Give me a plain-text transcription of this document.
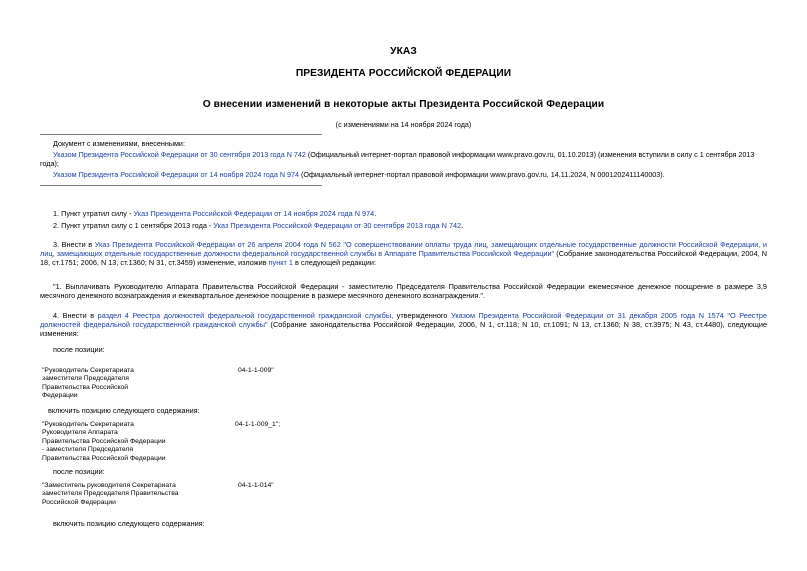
УКАЗ
ПРЕЗИДЕНТА РОССИЙСКОЙ ФЕДЕРАЦИИ
О внесении изменений в некоторые акты Президента Российской Федерации
(с изменениями на 14 ноября 2024 года)
Документ с изменениями, внесенными:
Указом Президента Российской Федерации от 30 сентября 2013 года N 742 (Официальный интернет-портал правовой информации www.pravo.gov.ru, 01.10.2013) (изменения вступили в силу с 1 сентября 2013 года);
Указом Президента Российской Федерации от 14 ноября 2024 года N 974 (Официальный интернет-портал правовой информации www.pravo.gov.ru, 14.11.2024, N 0001202411140003).
1. Пункт утратил силу - Указ Президента Российской Федерации от 14 ноября 2024 года N 974.
2. Пункт утратил силу с 1 сентября 2013 года - Указ Президента Российской Федерации от 30 сентября 2013 года N 742.
3. Внести в Указ Президента Российской Федерации от 26 апреля 2004 года N 562 "О совершенствовании оплаты труда лиц, замещающих отдельные государственные должности Российской Федерации, и лиц, замещающих отдельные государственные должности федеральной государственной службы в Аппарате Правительства Российской Федерации" (Собрание законодательства Российской Федерации, 2004, N 18, ст.1751; 2006, N 13, ст.1360; N 31, ст.3459) изменение, изложив пункт 1 в следующей редакции:
"1. Выплачивать Руководителю Аппарата Правительства Российской Федерации - заместителю Председателя Правительства Российской Федерации ежемесячное денежное поощрение в размере 3,9 месячного денежного вознаграждения и ежеквартальное денежное поощрение в размере месячного денежного вознаграждения.".
4. Внести в раздел 4 Реестра должностей федеральной государственной гражданской службы, утвержденного Указом Президента Российской Федерации от 31 декабря 2005 года N 1574 "О Реестре должностей федеральной государственной гражданской службы" (Собрание законодательства Российской Федерации, 2006, N 1, ст.118; N 10, ст.1091; N 13, ст.1360; N 38, ст.3975; N 43, ст.4480), следующие изменения:
после позиции:
"Руководитель Секретариата заместителя Председателя Правительства Российской Федерации
04-1-1-009"
включить позицию следующего содержания:
"Руководитель Секретариата Руководителя Аппарата Правительства Российской Федерации - заместителя Председателя Правительства Российской Федерации
04-1-1-009_1";
после позиции:
"Заместитель руководителя Секретариата заместителя Председателя Правительства Российской Федерации
04-1-1-014"
включить позицию следующего содержания:
